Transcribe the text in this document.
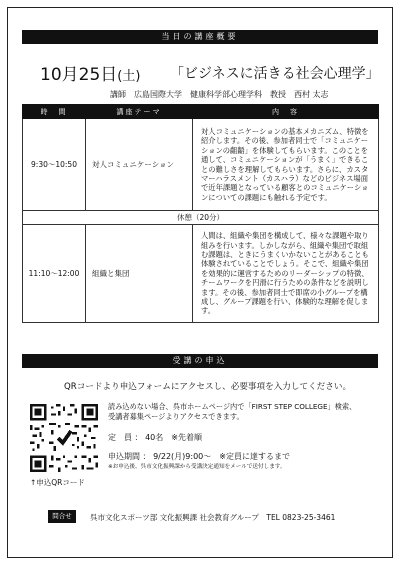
当日の講座概要
10月25日(土) 「ビジネスに活きる社会心理学」
講師　広島国際大学　健康科学部心理学科　教授　西村 太志
時　間	講座テーマ	内　容
9:30～10:50	対人コミュニケーション	対人コミュニケーションの基本メカニズム、特徴を紹介します。その後、参加者同士で「コミュニケーションの齟齬」を体験してもらいます。このことを通して、コミュニケーションが「うまく」できることの難しさを理解してもらいます。さらに、カスタマーハラスメント（カスハラ）などのビジネス場面で近年課題となっている顧客とのコミュニケーションについての課題にも触れる予定です。
休憩（20分）		
11:10～12:00	組織と集団	人間は、組織や集団を構成して、様々な課題や取り組みを行います。しかしながら、組織や集団で取組む課題は、ときにうまくいかないことがあることも体験されていることでしょう。そこで、組織や集団を効果的に運営するためのリーダーシップの特徴、チームワークを円滑に行うための条件などを説明します。その後、参加者同士で即席の小グループを構成し、グループ課題を行い、体験的な理解を促します。
受講の申込
QRコードより申込フォームにアクセスし、必要事項を入力してください。
↑申込QRコード
読み込めない場合、呉市ホームページ内で「FIRST STEP COLLEGE」検索、
受講者募集ページよりアクセスできます。
定　員 ： 40名　※先着順
申込期間 ： 9/22(月)9:00～　※定員に達するまで
※お申込後、呉市文化振興課から受講決定通知をメールで送付します。
問合せ	呉市文化スポーツ部 文化振興課 社会教育グループ　TEL 0823-25-3461
